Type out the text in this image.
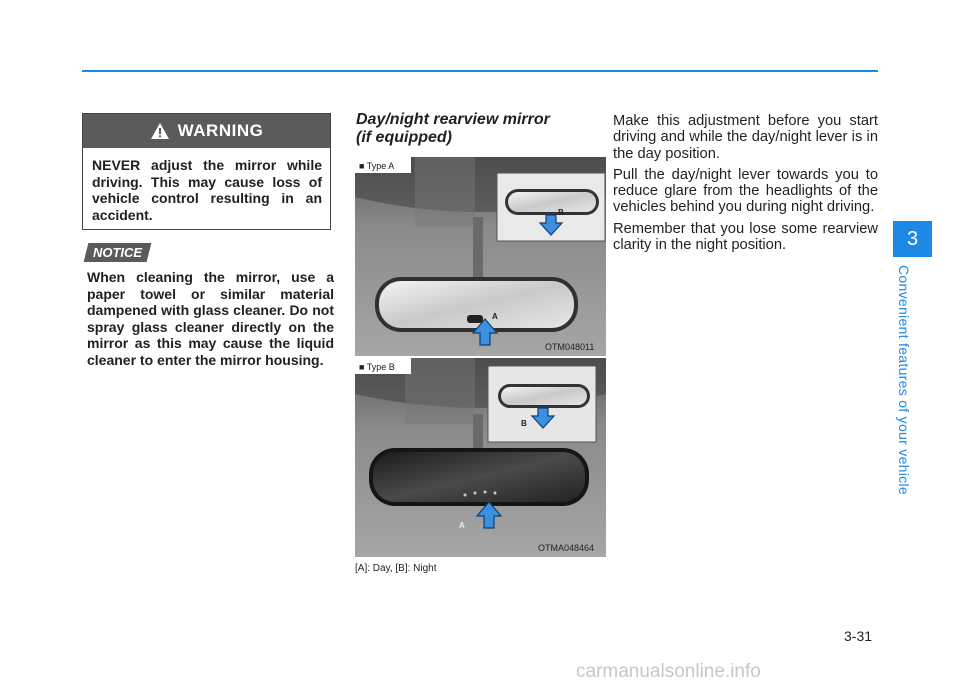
WARNING
NEVER adjust the mirror while driving. This may cause loss of vehicle control resulting in an accident.
NOTICE
When cleaning the mirror, use a paper towel or similar material dampened with glass cleaner. Do not spray glass cleaner directly on the mirror as this may cause the liquid cleaner to enter the mirror housing.
Day/night rearview mirror
(if equipped)
B
A
■ Type A
OTM048011
B
A
■ Type B
OTMA048464
[A]: Day, [B]: Night

Make this adjustment before you start driving and while the day/night lever is in the day position.

Pull the day/night lever towards you to reduce glare from the headlights of the vehicles behind you during night driving.

Remember that you lose some rearview clarity in the night position.	3
Convenient features of your vehicle
3-31
carmanualsonline.info
